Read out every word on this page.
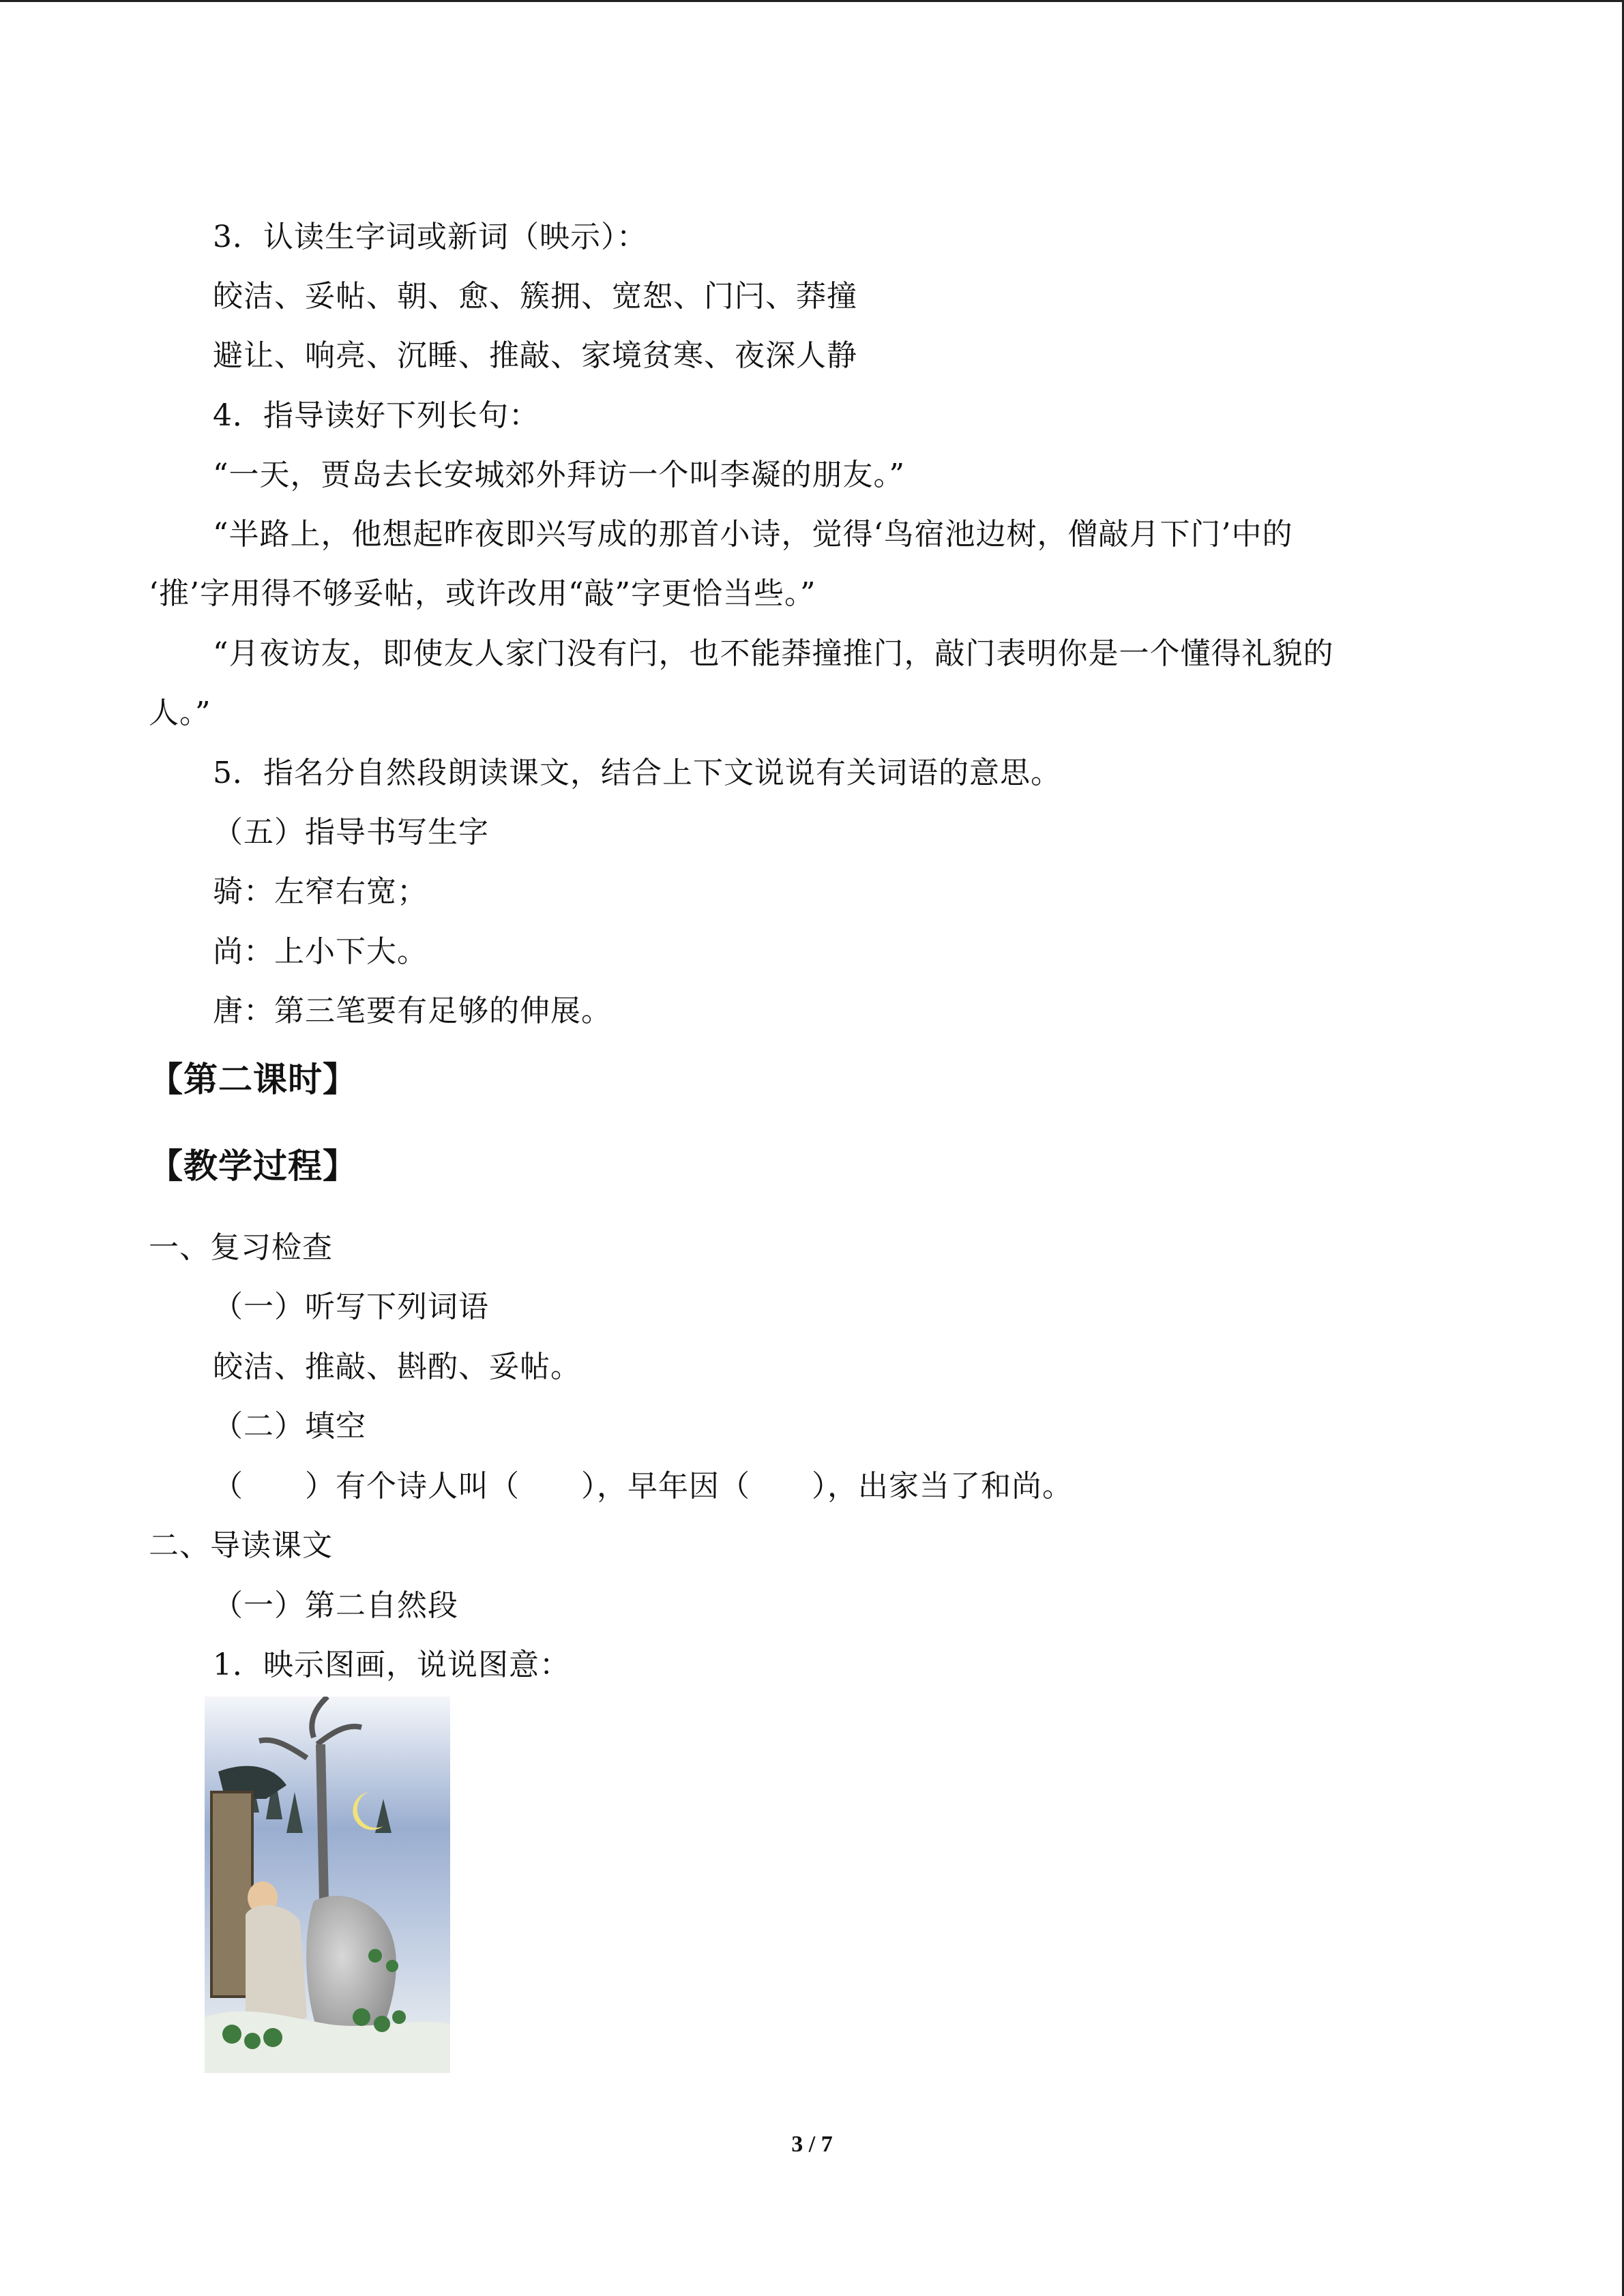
3．认读生字词或新词（映示）：
皎洁、妥帖、朝、愈、簇拥、宽恕、门闩、莽撞
避让、响亮、沉睡、推敲、家境贫寒、夜深人静
4．指导读好下列长句：
“一天，贾岛去长安城郊外拜访一个叫李凝的朋友。”
“半路上，他想起昨夜即兴写成的那首小诗，觉得‘鸟宿池边树，僧敲月下门’中的
‘推’字用得不够妥帖，或许改用“敲”字更恰当些。”
“月夜访友，即使友人家门没有闩，也不能莽撞推门，敲门表明你是一个懂得礼貌的
人。”
5．指名分自然段朗读课文，结合上下文说说有关词语的意思。
（五）指导书写生字
骑：左窄右宽；
尚：上小下大。
唐：第三笔要有足够的伸展。
【第二课时】
【教学过程】
一、复习检查
（一）听写下列词语
皎洁、推敲、斟酌、妥帖。
（二）填空
（　　）有个诗人叫（　　），早年因（　　），出家当了和尚。
二、导读课文
（一）第二自然段
1．映示图画，说说图意：
3 / 7
